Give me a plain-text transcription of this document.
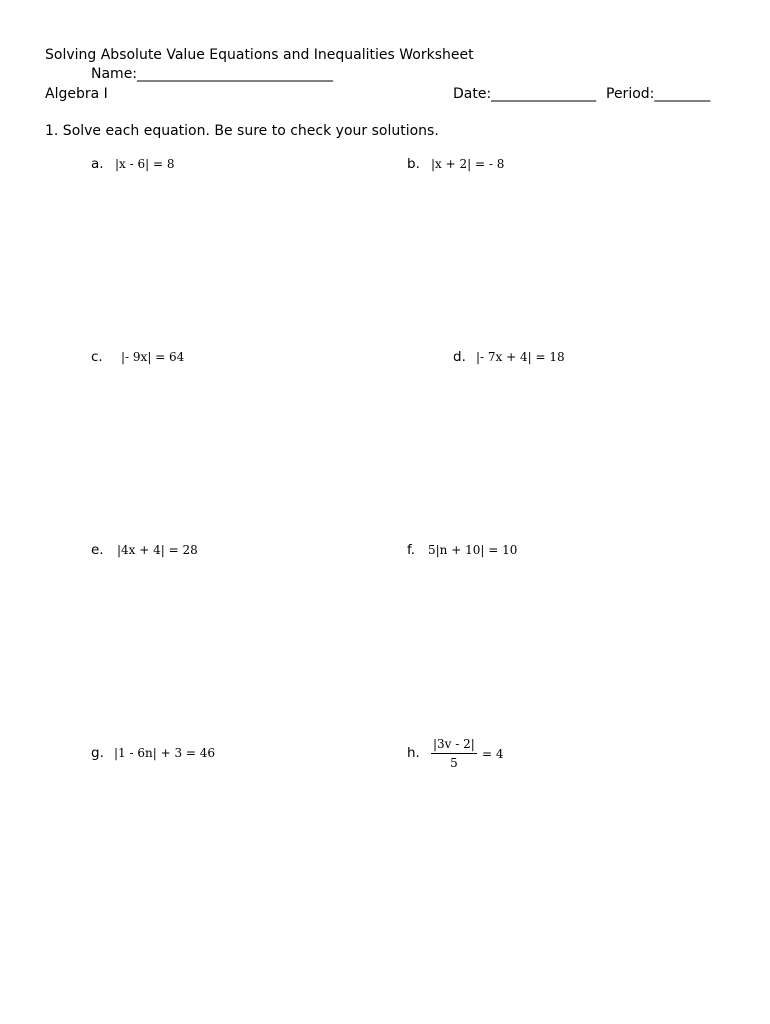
Solving Absolute Value Equations and Inequalities Worksheet
Name:____________________________
Algebra I	Date:_______________ Period:________
1. Solve each equation. Be sure to check your solutions.
a. |x - 6| = 8	b. |x + 2| = - 8
c. |- 9x| = 64	d. |- 7x + 4| = 18
e. |4x + 4| = 28	f. 5|n + 10| = 10
g. |1 - 6n| + 3 = 46	h. $\frac{|3v - 2|}{5} = 4$
